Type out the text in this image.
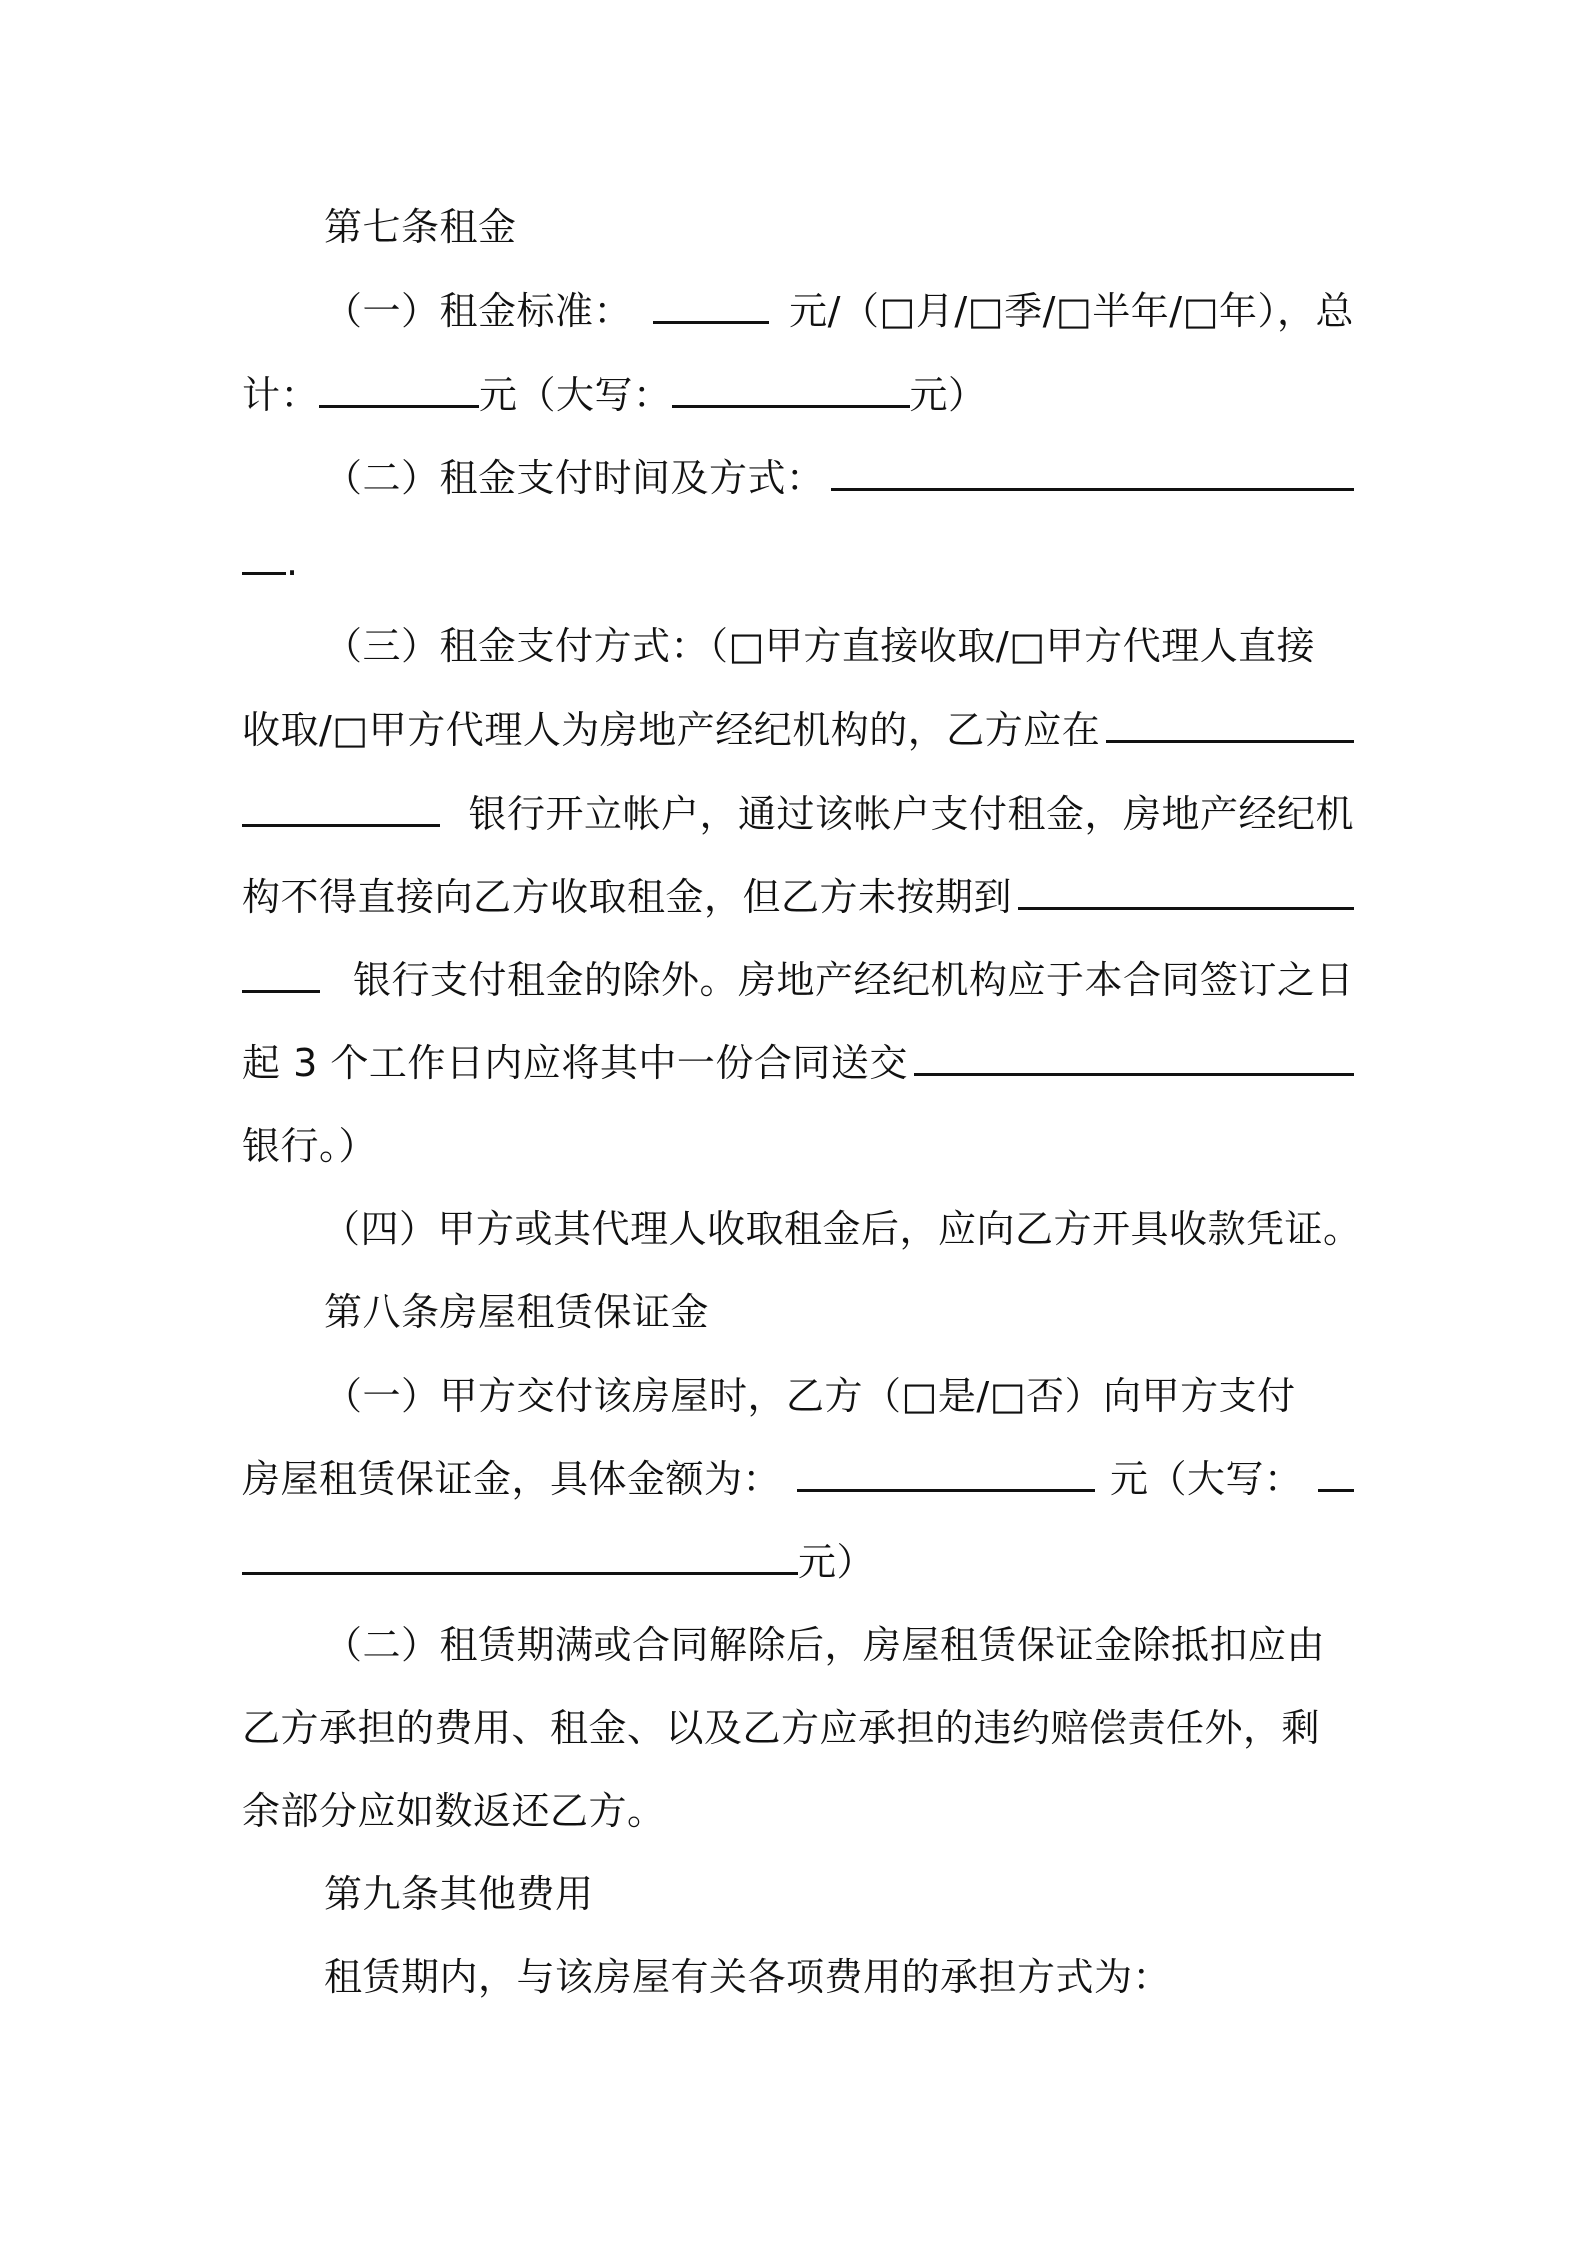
第七条租金
（一）租金标准：	元/（□月/□季/□半年/□年），总
计：	元（大写：	元）
（二）租金支付时间及方式：
.
（三）租金支付方式：（□甲方直接收取/□甲方代理人直接
收取/□甲方代理人为房地产经纪机构的，乙方应在
银行开立帐户，通过该帐户支付租金，房地产经纪机
构不得直接向乙方收取租金，但乙方未按期到
银行支付租金的除外。房地产经纪机构应于本合同签订之日
起 3 个工作日内应将其中一份合同送交
银行。）
（四）甲方或其代理人收取租金后，应向乙方开具收款凭证。
第八条房屋租赁保证金
（一）甲方交付该房屋时，乙方（□是/□否）向甲方支付
房屋租赁保证金，具体金额为：	元（大写：
元）
（二）租赁期满或合同解除后，房屋租赁保证金除抵扣应由
乙方承担的费用、租金、以及乙方应承担的违约赔偿责任外，剩
余部分应如数返还乙方。
第九条其他费用
租赁期内，与该房屋有关各项费用的承担方式为：
